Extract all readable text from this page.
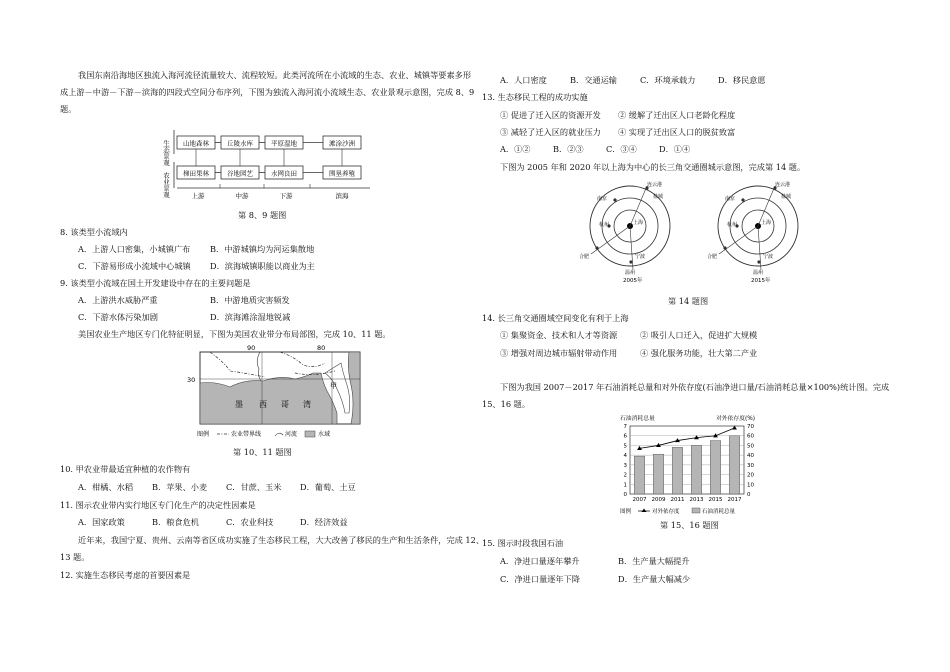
我国东南沿海地区独流入海河流径流量较大、流程较短。此类河流所在小流域的生态、农业、城镇等要素多形
成上游－中游－下游－滨海的四段式空间分布序列，下图为独流入海河流小流域生态、农业景观示意图，完成 8、9
题。
生态景观
农业景观
山地森林	丘陵水库	平原湿地	滩涂沙洲
梯田果林	谷地园艺	水网良田	围垦养殖
上游	中游	下游	滨海
第 8、9 题图
8. 该类型小流域内
A．上游人口密集，小城镇广布 B．中游城镇均为河运集散地
C．下游易形成小流域中心城镇 D．滨海城镇职能以商业为主
9. 该类型小流域在国土开发建设中存在的主要问题是
A．上游洪水威胁严重	B．中游地质灾害频发
C．下游水体污染加剧	D．滨海滩涂湿地锐减
美国农业生产地区专门化特征明显，下图为美国农业带分布局部图，完成 10、11 题。
90	80
30
甲
墨 西 哥 湾
图例	农业带界线	河流	水域
第 10、11 题图
10. 甲农业带最适宜种植的农作物有
A．柑橘、水稻 B．苹果、小麦 C．甘蔗、玉米 D．葡萄、土豆
11. 图示农业带内实行地区专门化生产的决定性因素是
A．国家政策	B．粮食危机	C．农业科技	D．经济效益
近年来，我国宁夏、贵州、云南等省区成功实施了生态移民工程，大大改善了移民的生产和生活条件，完成 12、
13 题。
12. 实施生态移民考虑的首要因素是
A．人口密度	B．交通运输	C．环境承载力	D．移民意愿
13. 生态移民工程的成功实施
① 促进了迁入区的资源开发 ② 缓解了迁出区人口老龄化程度
③ 减轻了迁入区的就业压力 ④ 实现了迁出区人口的脱贫致富
A．①②	B．②③	C．③④	D．①④
下图为 2005 年和 2020 年以上海为中心的长三角交通圈城示意图，完成第 14 题。
连云港
盐城
南京
杭州
合肥	宁波
温州
上海
2005年
连云港
盐城
南京
杭州
合肥	宁波
温州
上海
2015年
第 14 题图
14. 长三角交通圈域空间变化有利于上海
① 集聚资金、技术和人才等资源	② 吸引人口迁入，促进扩大规模
③ 增强对周边城市辐射带动作用	④ 强化服务功能，壮大第二产业
下图为我国 2007－2017 年石油消耗总量和对外依存度(石油净进口量/石油消耗总量×100%)统计图。完成
15、16 题。
石油消耗总量	对外依存度(%)
0
1
2
3
4
5
6
7
0
10
20
30
40
50
60
70
2007 2009 2011 2013 2015 2017
图例	对外依存度	石油消耗总量
第 15、16 题图
15. 图示时段我国石油
A．净进口量逐年攀升	B．生产量大幅提升
C．净进口量逐年下降	D．生产量大幅减少
